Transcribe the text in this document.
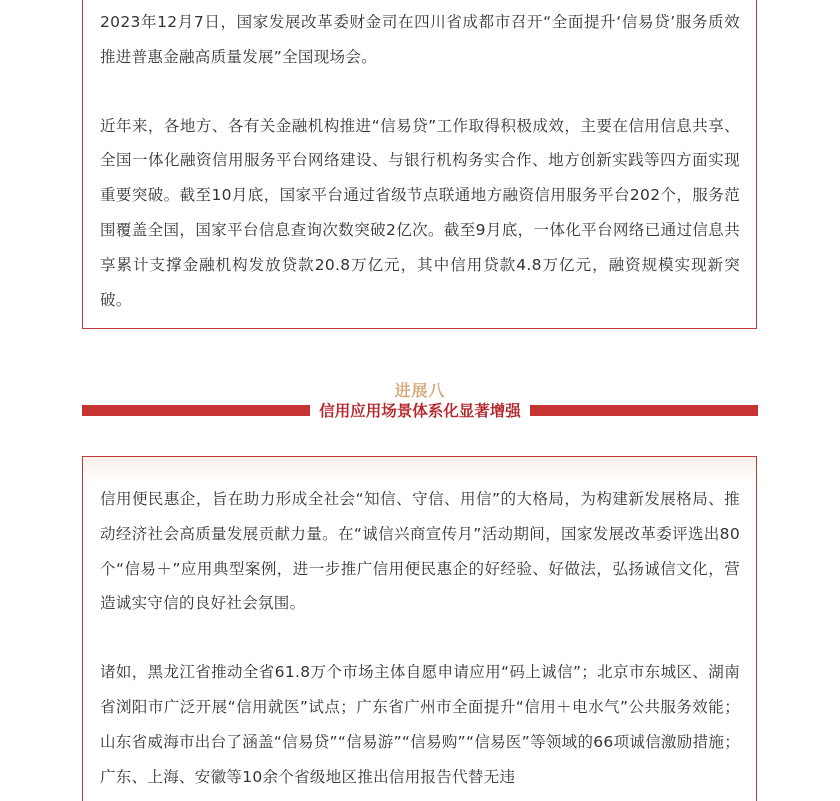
2023年12月7日，国家发展改革委财金司在四川省成都市召开“全面提升‘信易贷’服务质效 推进普惠金融高质量发展”全国现场会。

近年来，各地方、各有关金融机构推进“信易贷”工作取得积极成效，主要在信用信息共享、全国一体化融资信用服务平台网络建设、与银行机构务实合作、地方创新实践等四方面实现重要突破。截至10月底，国家平台通过省级节点联通地方融资信用服务平台202个，服务范围覆盖全国，国家平台信息查询次数突破2亿次。截至9月底，一体化平台网络已通过信息共享累计支撑金融机构发放贷款20.8万亿元，其中信用贷款4.8万亿元，融资规模实现新突破。

进展八
信用应用场景体系化显著增强

信用便民惠企，旨在助力形成全社会“知信、守信、用信”的大格局，为构建新发展格局、推动经济社会高质量发展贡献力量。在“诚信兴商宣传月”活动期间，国家发展改革委评选出80个“信易＋”应用典型案例，进一步推广信用便民惠企的好经验、好做法，弘扬诚信文化，营造诚实守信的良好社会氛围。

诸如，黑龙江省推动全省61.8万个市场主体自愿申请应用“码上诚信”；北京市东城区、湖南省浏阳市广泛开展“信用就医”试点；广东省广州市全面提升“信用＋电水气”公共服务效能；山东省威海市出台了涵盖“信易贷”“信易游”“信易购”“信易医”等领域的66项诚信激励措施；广东、上海、安徽等10余个省级地区推出信用报告代替无违
